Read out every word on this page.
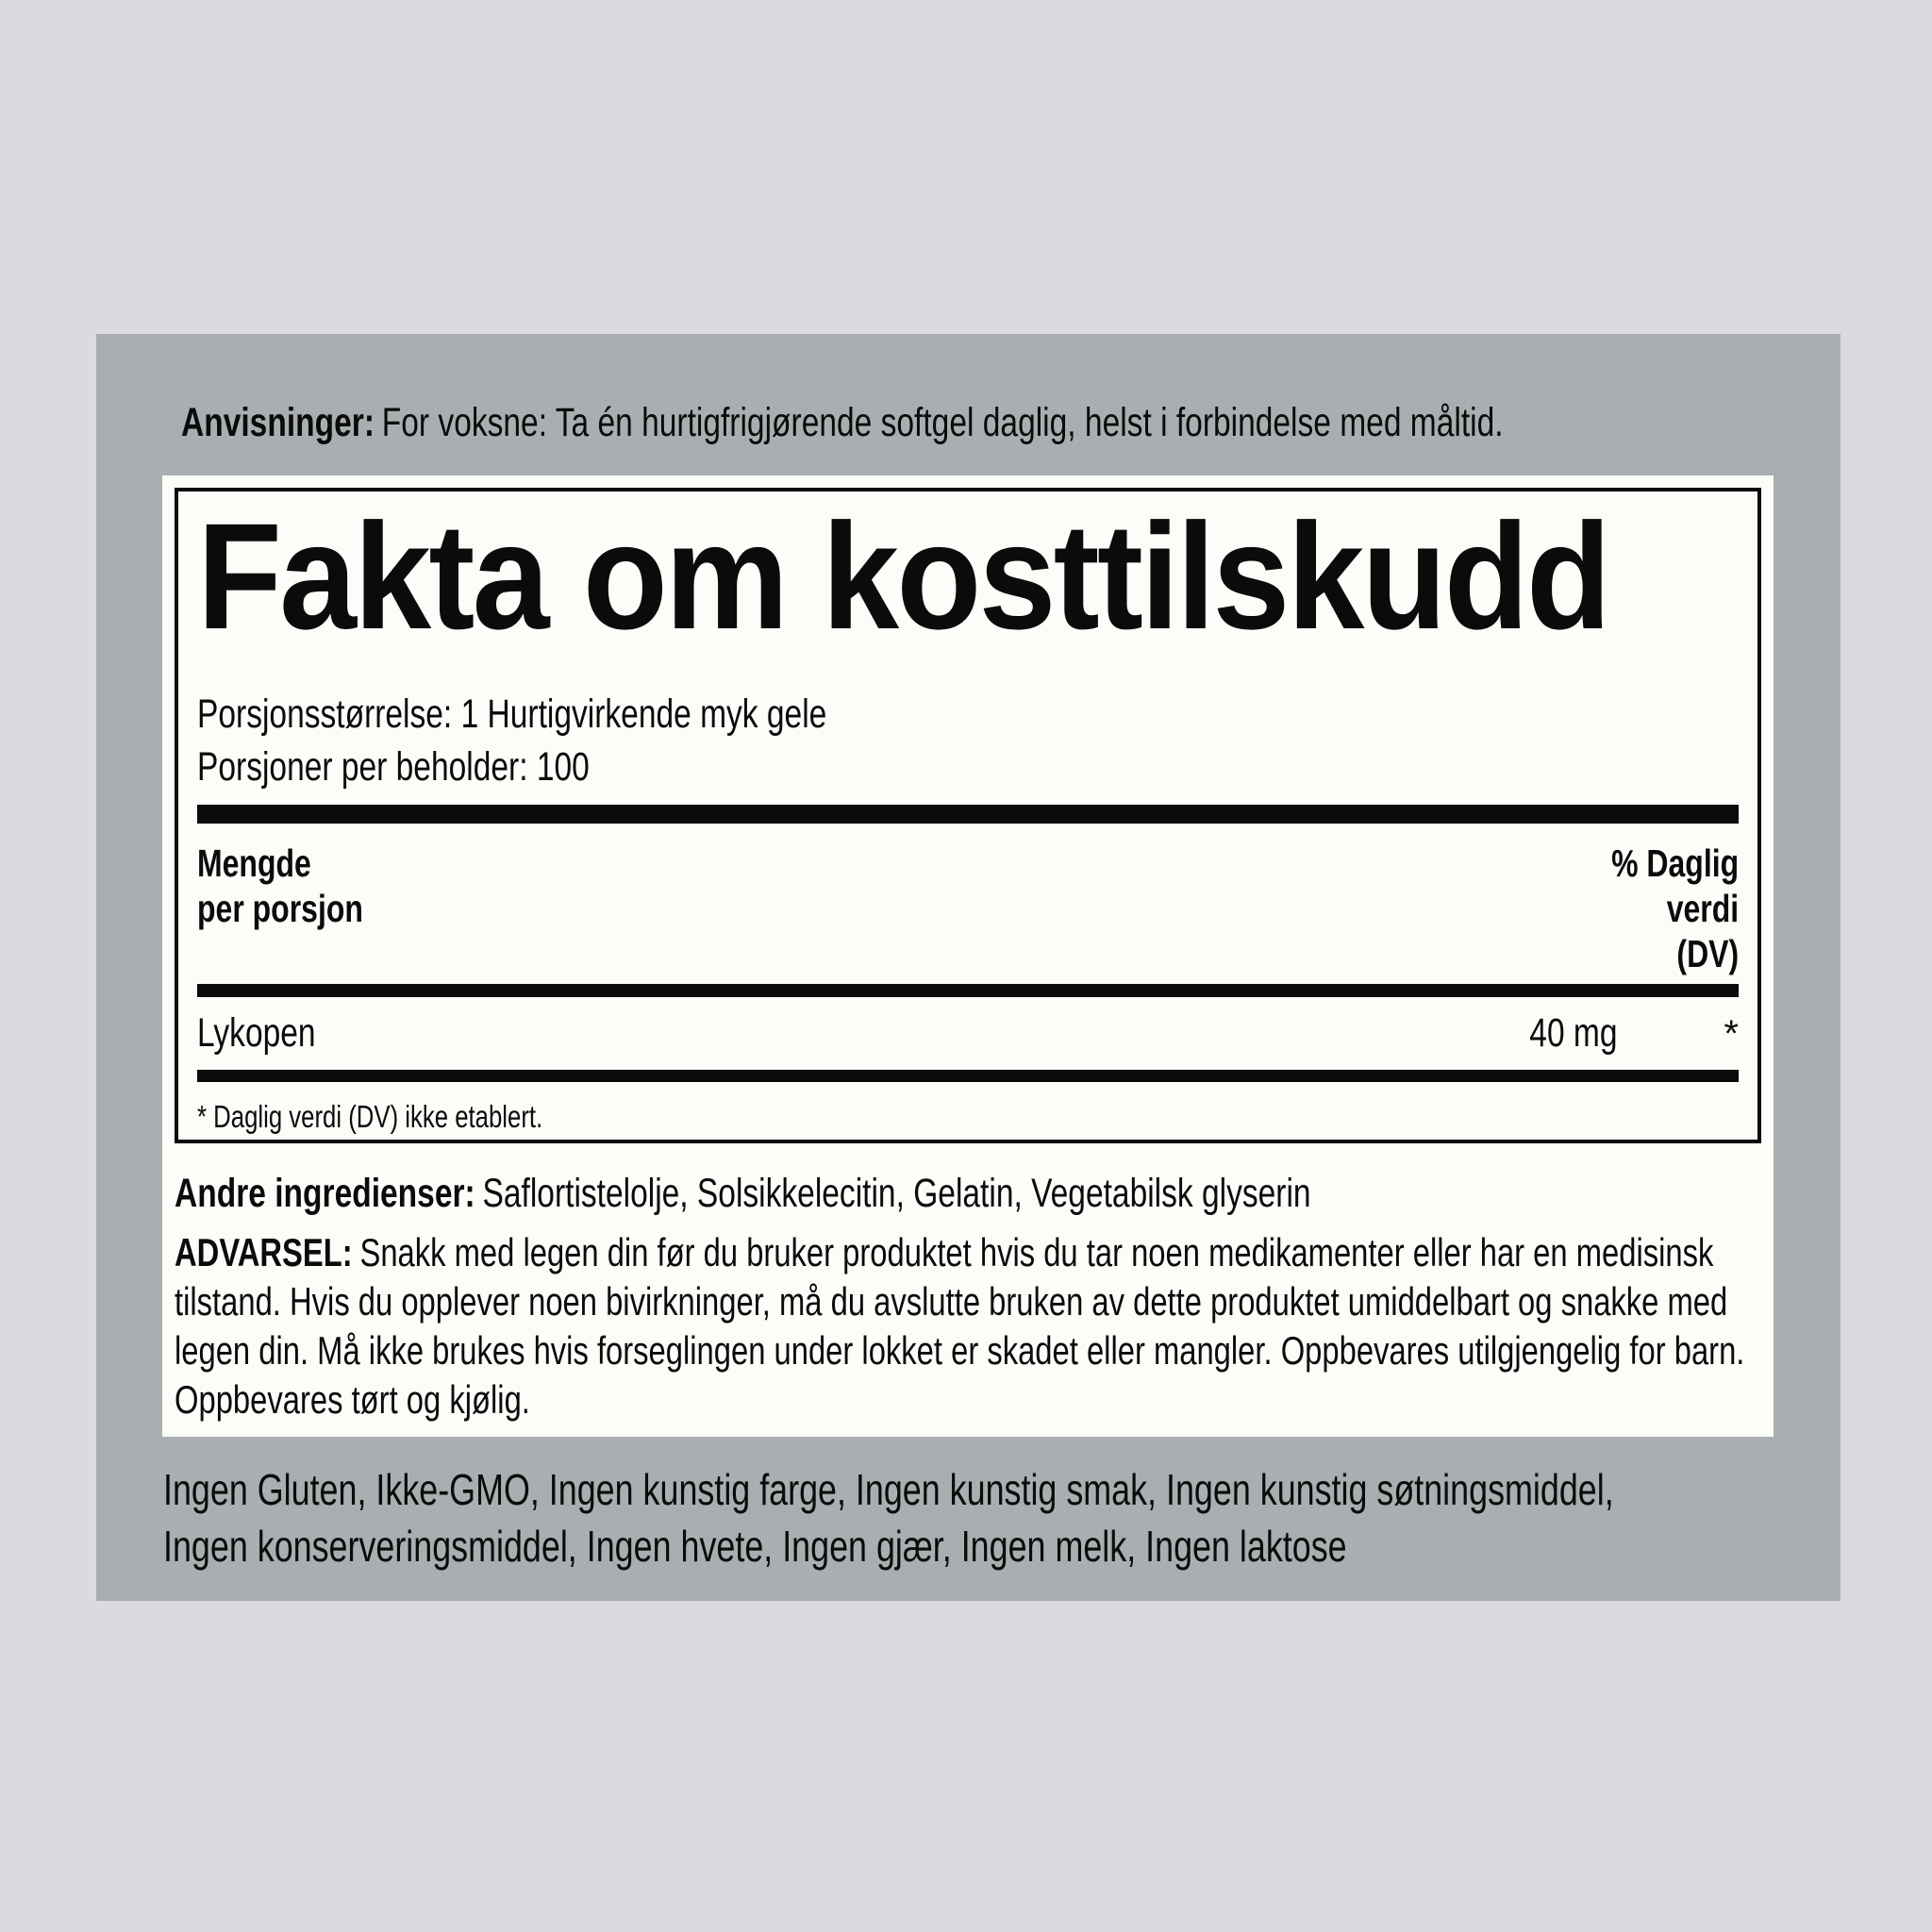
Anvisninger: For voksne: Ta én hurtigfrigjørende softgel daglig, helst i forbindelse med måltid.
Fakta om kosttilskudd
Porsjonsstørrelse: 1 Hurtigvirkende myk gele
Porsjoner per beholder: 100
Mengde
per porsjon
% Daglig
verdi
(DV)
Lykopen	40 mg	*
* Daglig verdi (DV) ikke etablert.
Andre ingredienser: Saflortistelolje, Solsikkelecitin, Gelatin, Vegetabilsk glyserin
ADVARSEL: Snakk med legen din før du bruker produktet hvis du tar noen medikamenter eller har en medisinsk tilstand. Hvis du opplever noen bivirkninger, må du avslutte bruken av dette produktet umiddelbart og snakke med legen din. Må ikke brukes hvis forseglingen under lokket er skadet eller mangler. Oppbevares utilgjengelig for barn. Oppbevares tørt og kjølig.
Ingen Gluten, Ikke-GMO, Ingen kunstig farge, Ingen kunstig smak, Ingen kunstig søtningsmiddel,
Ingen konserveringsmiddel, Ingen hvete, Ingen gjær, Ingen melk, Ingen laktose
